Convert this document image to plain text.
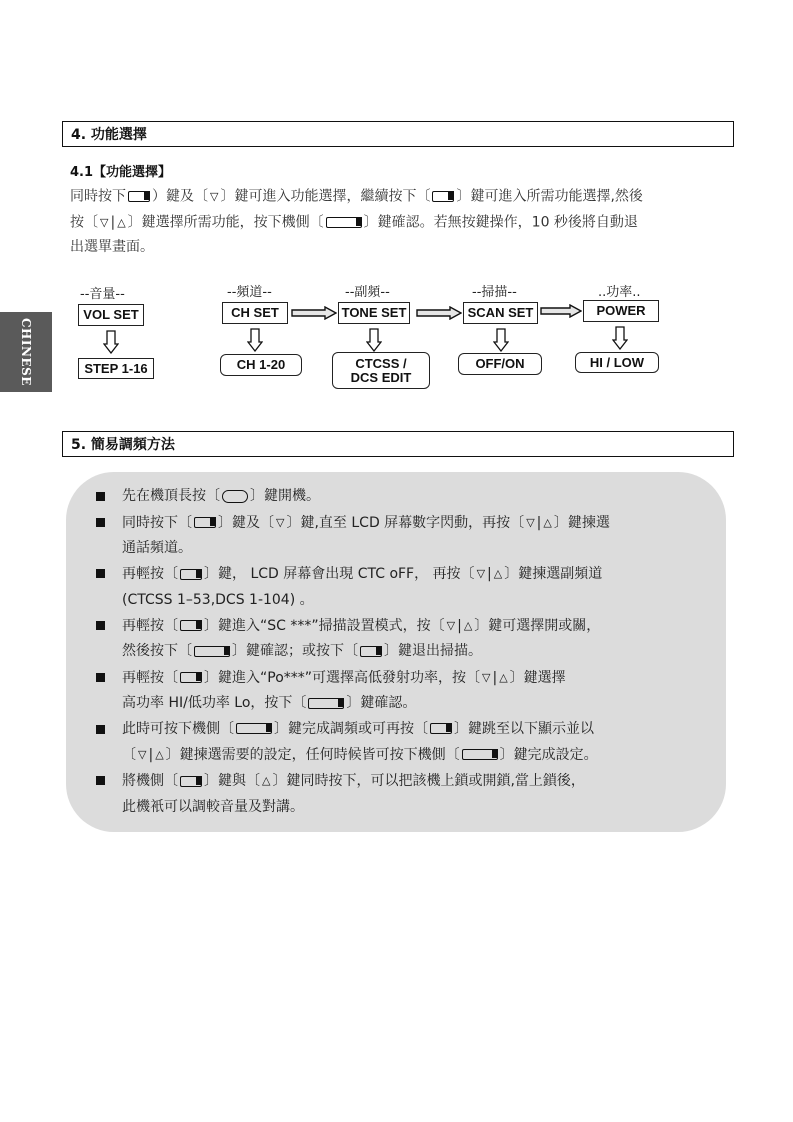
CHINESE
4. 功能選擇
4.1【功能選擇】
同時按下 ）鍵及〔 ▽ 〕鍵可進入功能選擇，繼續按下〔 〕鍵可進入所需功能選擇,然後
按〔 ▽ | △ 〕鍵選擇所需功能，按下機側〔	〕鍵確認。若無按鍵操作，10 秒後將自動退
出選單畫面。
--音量--	--頻道--	--副頻--	--掃描--	..功率..
VOL SET	CH SET	TONE SET	SCAN SET	POWER
STEP 1-16	CH 1-20	CTCSS /
DCS EDIT
OFF/ON	HI / LOW
5. 簡易調頻方法
先在機頂長按〔 〕鍵開機。
同時按下〔 〕鍵及〔 ▽ 〕鍵,直至 LCD 屏幕數字閃動，再按〔 ▽ | △ 〕鍵揀選
通話頻道。
再輕按〔 〕鍵， LCD 屏幕會出現 CTC oFF， 再按〔 ▽ | △ 〕鍵揀選副頻道
(CTCSS 1–53,DCS 1-104) 。
再輕按〔 〕鍵進入“SC ***”掃描設置模式，按〔 ▽ | △ 〕鍵可選擇開或關，
然後按下〔	〕鍵確認；或按下〔 〕鍵退出掃描。
再輕按〔 〕鍵進入“Po***”可選擇高低發射功率，按〔 ▽ | △ 〕鍵選擇
高功率 HI/低功率 Lo，按下〔	〕鍵確認。
此時可按下機側〔	〕鍵完成調頻或可再按〔 〕鍵跳至以下顯示並以
〔 ▽ | △ 〕鍵揀選需要的設定，任何時候皆可按下機側〔	〕鍵完成設定。
將機側〔 〕鍵與〔 △ 〕鍵同時按下，可以把該機上鎖或開鎖,當上鎖後，
此機衹可以調較音量及對講。
